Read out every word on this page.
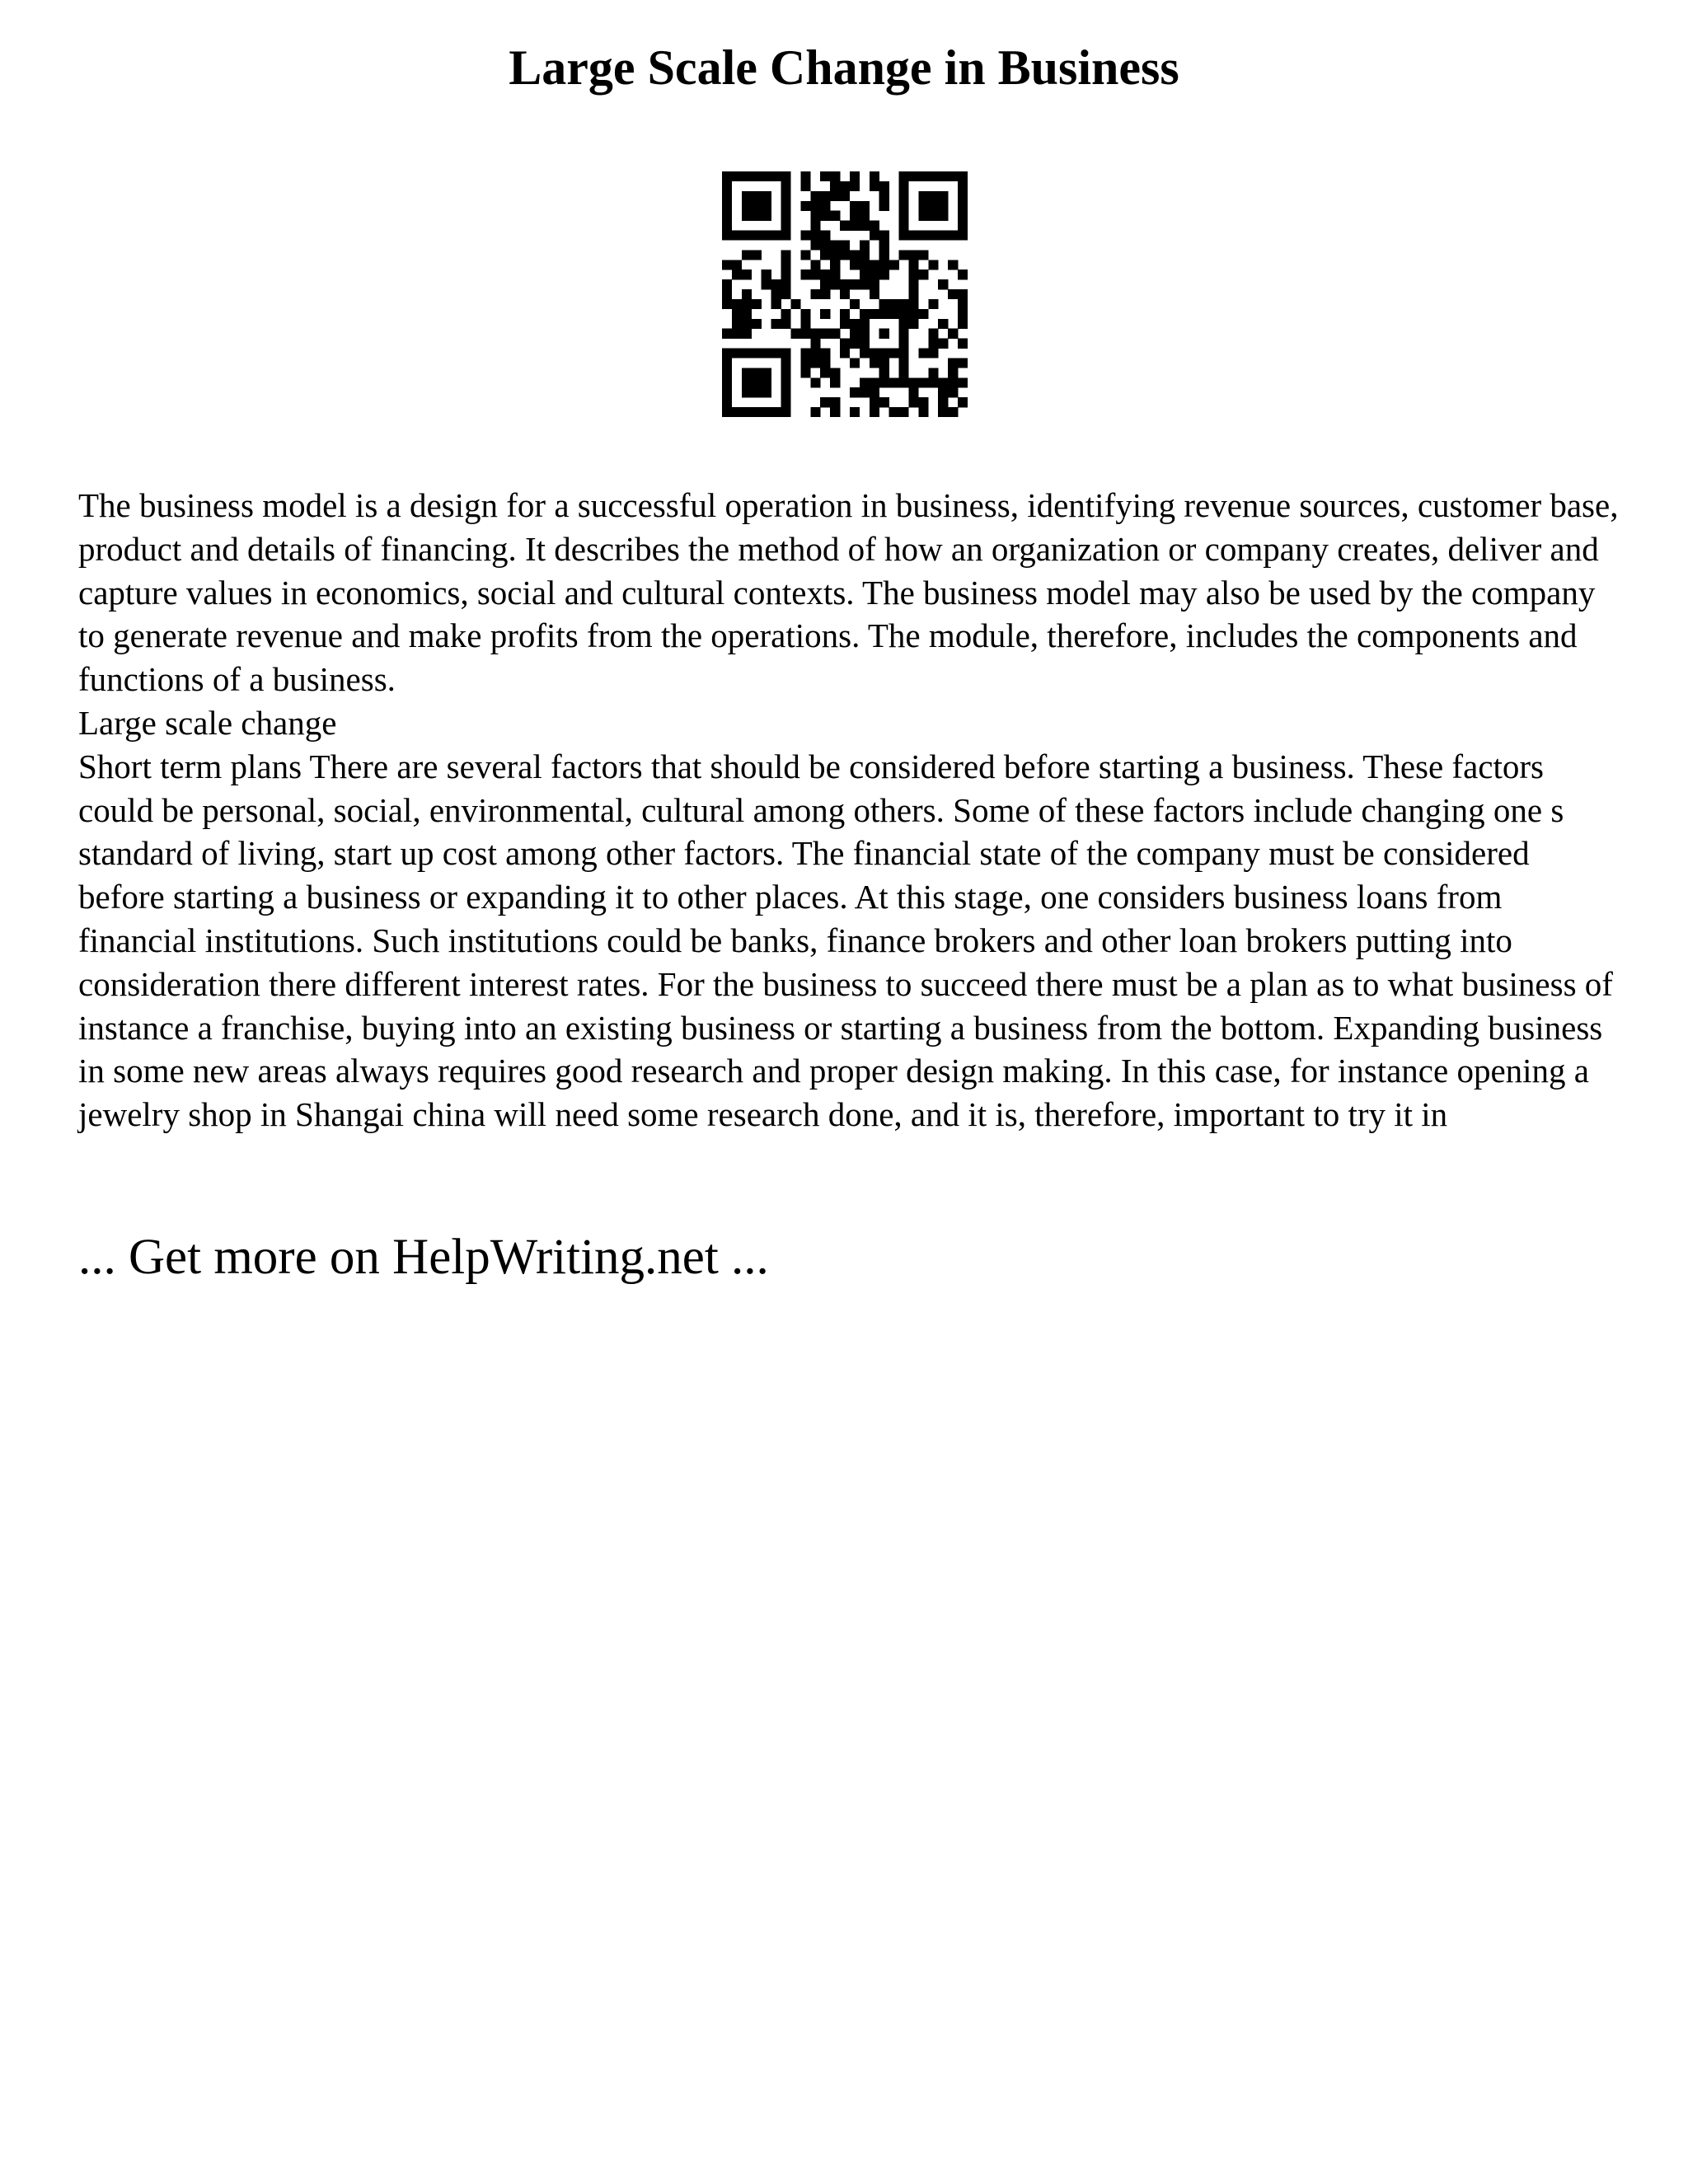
Large Scale Change in Business

The business model is a design for a successful operation in business, identifying revenue sources, customer base, product and details of financing. It describes the method of how an organization or company creates, deliver and capture values in economics, social and cultural contexts. The business model may also be used by the company to generate revenue and make profits from the operations. The module, therefore, includes the components and functions of a business.

Large scale change

Short term plans There are several factors that should be considered before starting a business. These factors could be personal, social, environmental, cultural among others. Some of these factors include changing one s standard of living, start up cost among other factors. The financial state of the company must be considered before starting a business or expanding it to other places. At this stage, one considers business loans from financial institutions. Such institutions could be banks, finance brokers and other loan brokers putting into consideration there different interest rates. For the business to succeed there must be a plan as to what business of instance a franchise, buying into an existing business or starting a business from the bottom. Expanding business in some new areas always requires good research and proper design making. In this case, for instance opening a jewelry shop in Shangai china will need some research done, and it is, therefore, important to try it in

... Get more on HelpWriting.net ...
